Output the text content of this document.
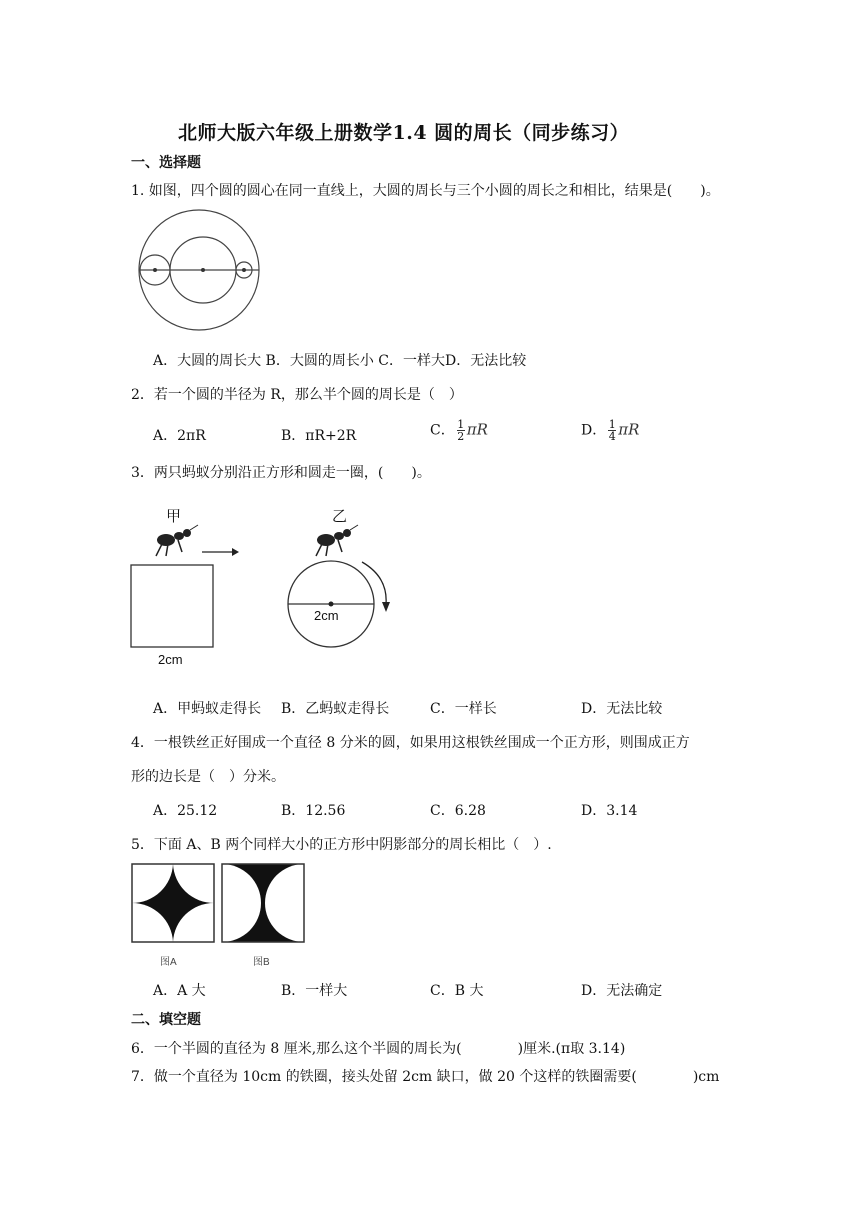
北师大版六年级上册数学1.4 圆的周长（同步练习）
一、选择题
1. 如图，四个圆的圆心在同一直线上，大圆的周长与三个小圆的周长之和相比，结果是(　　)。
A．大圆的周长大 B．大圆的周长小 C．一样大D．无法比较
2．若一个圆的半径为 R，那么半个圆的周长是（　）
A．2πR	B．πR+2R	C． $\frac{1}{2}$ πR	D． $\frac{1}{4}$ πR
3．两只蚂蚁分别沿正方形和圆走一圈，(　　)。
甲	乙
2cm
2cm
A．甲蚂蚁走得长 B．乙蚂蚁走得长	C．一样长	D．无法比较
4．一根铁丝正好围成一个直径 8 分米的圆，如果用这根铁丝围成一个正方形，则围成正方
形的边长是（　）分米。
A．25.12	B．12.56	C．6.28	D．3.14
5．下面 A、B 两个同样大小的正方形中阴影部分的周长相比（　）.
图A	图B
A．A 大	B．一样大	C．B 大	D．无法确定
二、填空题
6．一个半圆的直径为 8 厘米,那么这个半圆的周长为(　　　　)厘米.(π取 3.14)
7．做一个直径为 10cm 的铁圈，接头处留 2cm 缺口，做 20 个这样的铁圈需要(　　　　)cm
